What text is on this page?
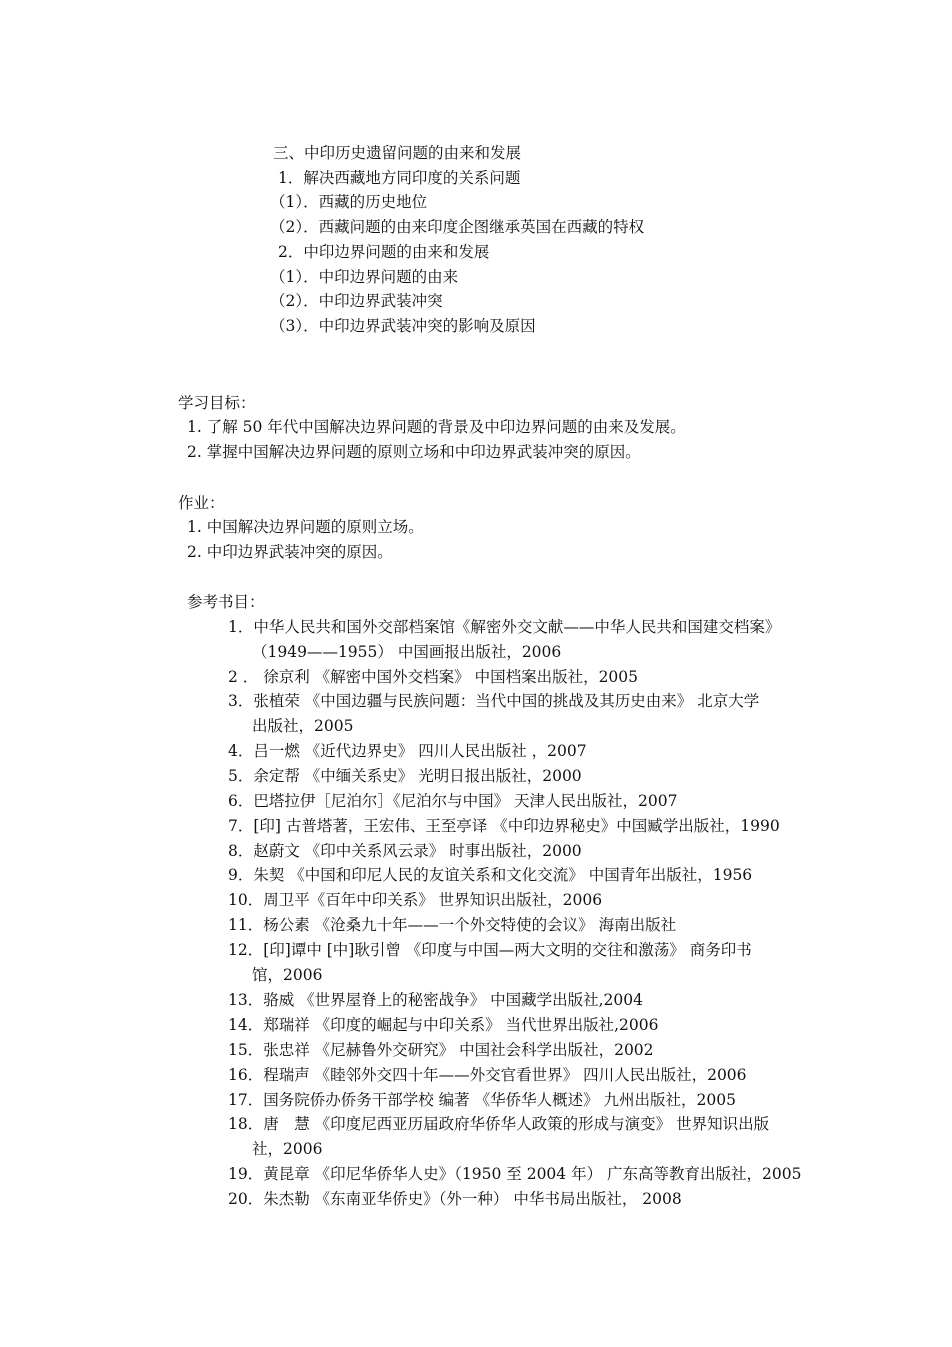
三、中印历史遗留问题的由来和发展
1．解决西藏地方同印度的关系问题
（1）．西藏的历史地位
（2）．西藏问题的由来印度企图继承英国在西藏的特权
2．中印边界问题的由来和发展
（1）．中印边界问题的由来
（2）．中印边界武装冲突
（3）．中印边界武装冲突的影响及原因
学习目标：
1. 了解 50 年代中国解决边界问题的背景及中印边界问题的由来及发展。
2. 掌握中国解决边界问题的原则立场和中印边界武装冲突的原因。
作业：
1. 中国解决边界问题的原则立场。
2. 中印边界武装冲突的原因。
参考书目：
1．中华人民共和国外交部档案馆《解密外交文献——中华人民共和国建交档案》
（1949——1955） 中国画报出版社，2006
2 ． 徐京利 《解密中国外交档案》 中国档案出版社，2005
3．张植荣 《中国边疆与民族问题：当代中国的挑战及其历史由来》 北京大学
出版社，2005
4．吕一燃 《近代边界史》 四川人民出版社 ，2007
5．余定帮 《中缅关系史》 光明日报出版社，2000
6．巴塔拉伊［尼泊尔］《尼泊尔与中国》 天津人民出版社，2007
7．[印] 古普塔著，王宏伟、王至亭译 《中印边界秘史》中国臧学出版社，1990
8．赵蔚文 《印中关系风云录》 时事出版社，2000
9．朱契 《中国和印尼人民的友谊关系和文化交流》 中国青年出版社，1956
10．周卫平《百年中印关系》 世界知识出版社，2006
11．杨公素 《沧桑九十年——一个外交特使的会议》 海南出版社
12．[印]谭中 [中]耿引曾 《印度与中国—两大文明的交往和激荡》 商务印书
馆，2006
13．骆威 《世界屋脊上的秘密战争》 中国藏学出版社,2004
14．郑瑞祥 《印度的崛起与中印关系》 当代世界出版社,2006
15．张忠祥 《尼赫鲁外交研究》 中国社会科学出版社，2002
16．程瑞声 《睦邻外交四十年——外交官看世界》 四川人民出版社，2006
17．国务院侨办侨务干部学校 编著 《华侨华人概述》 九州出版社，2005
18．唐　慧 《印度尼西亚历届政府华侨华人政策的形成与演变》 世界知识出版
社，2006
19．黄昆章 《印尼华侨华人史》（1950 至 2004 年） 广东高等教育出版社，2005
20．朱杰勒 《东南亚华侨史》（外一种） 中华书局出版社， 2008
